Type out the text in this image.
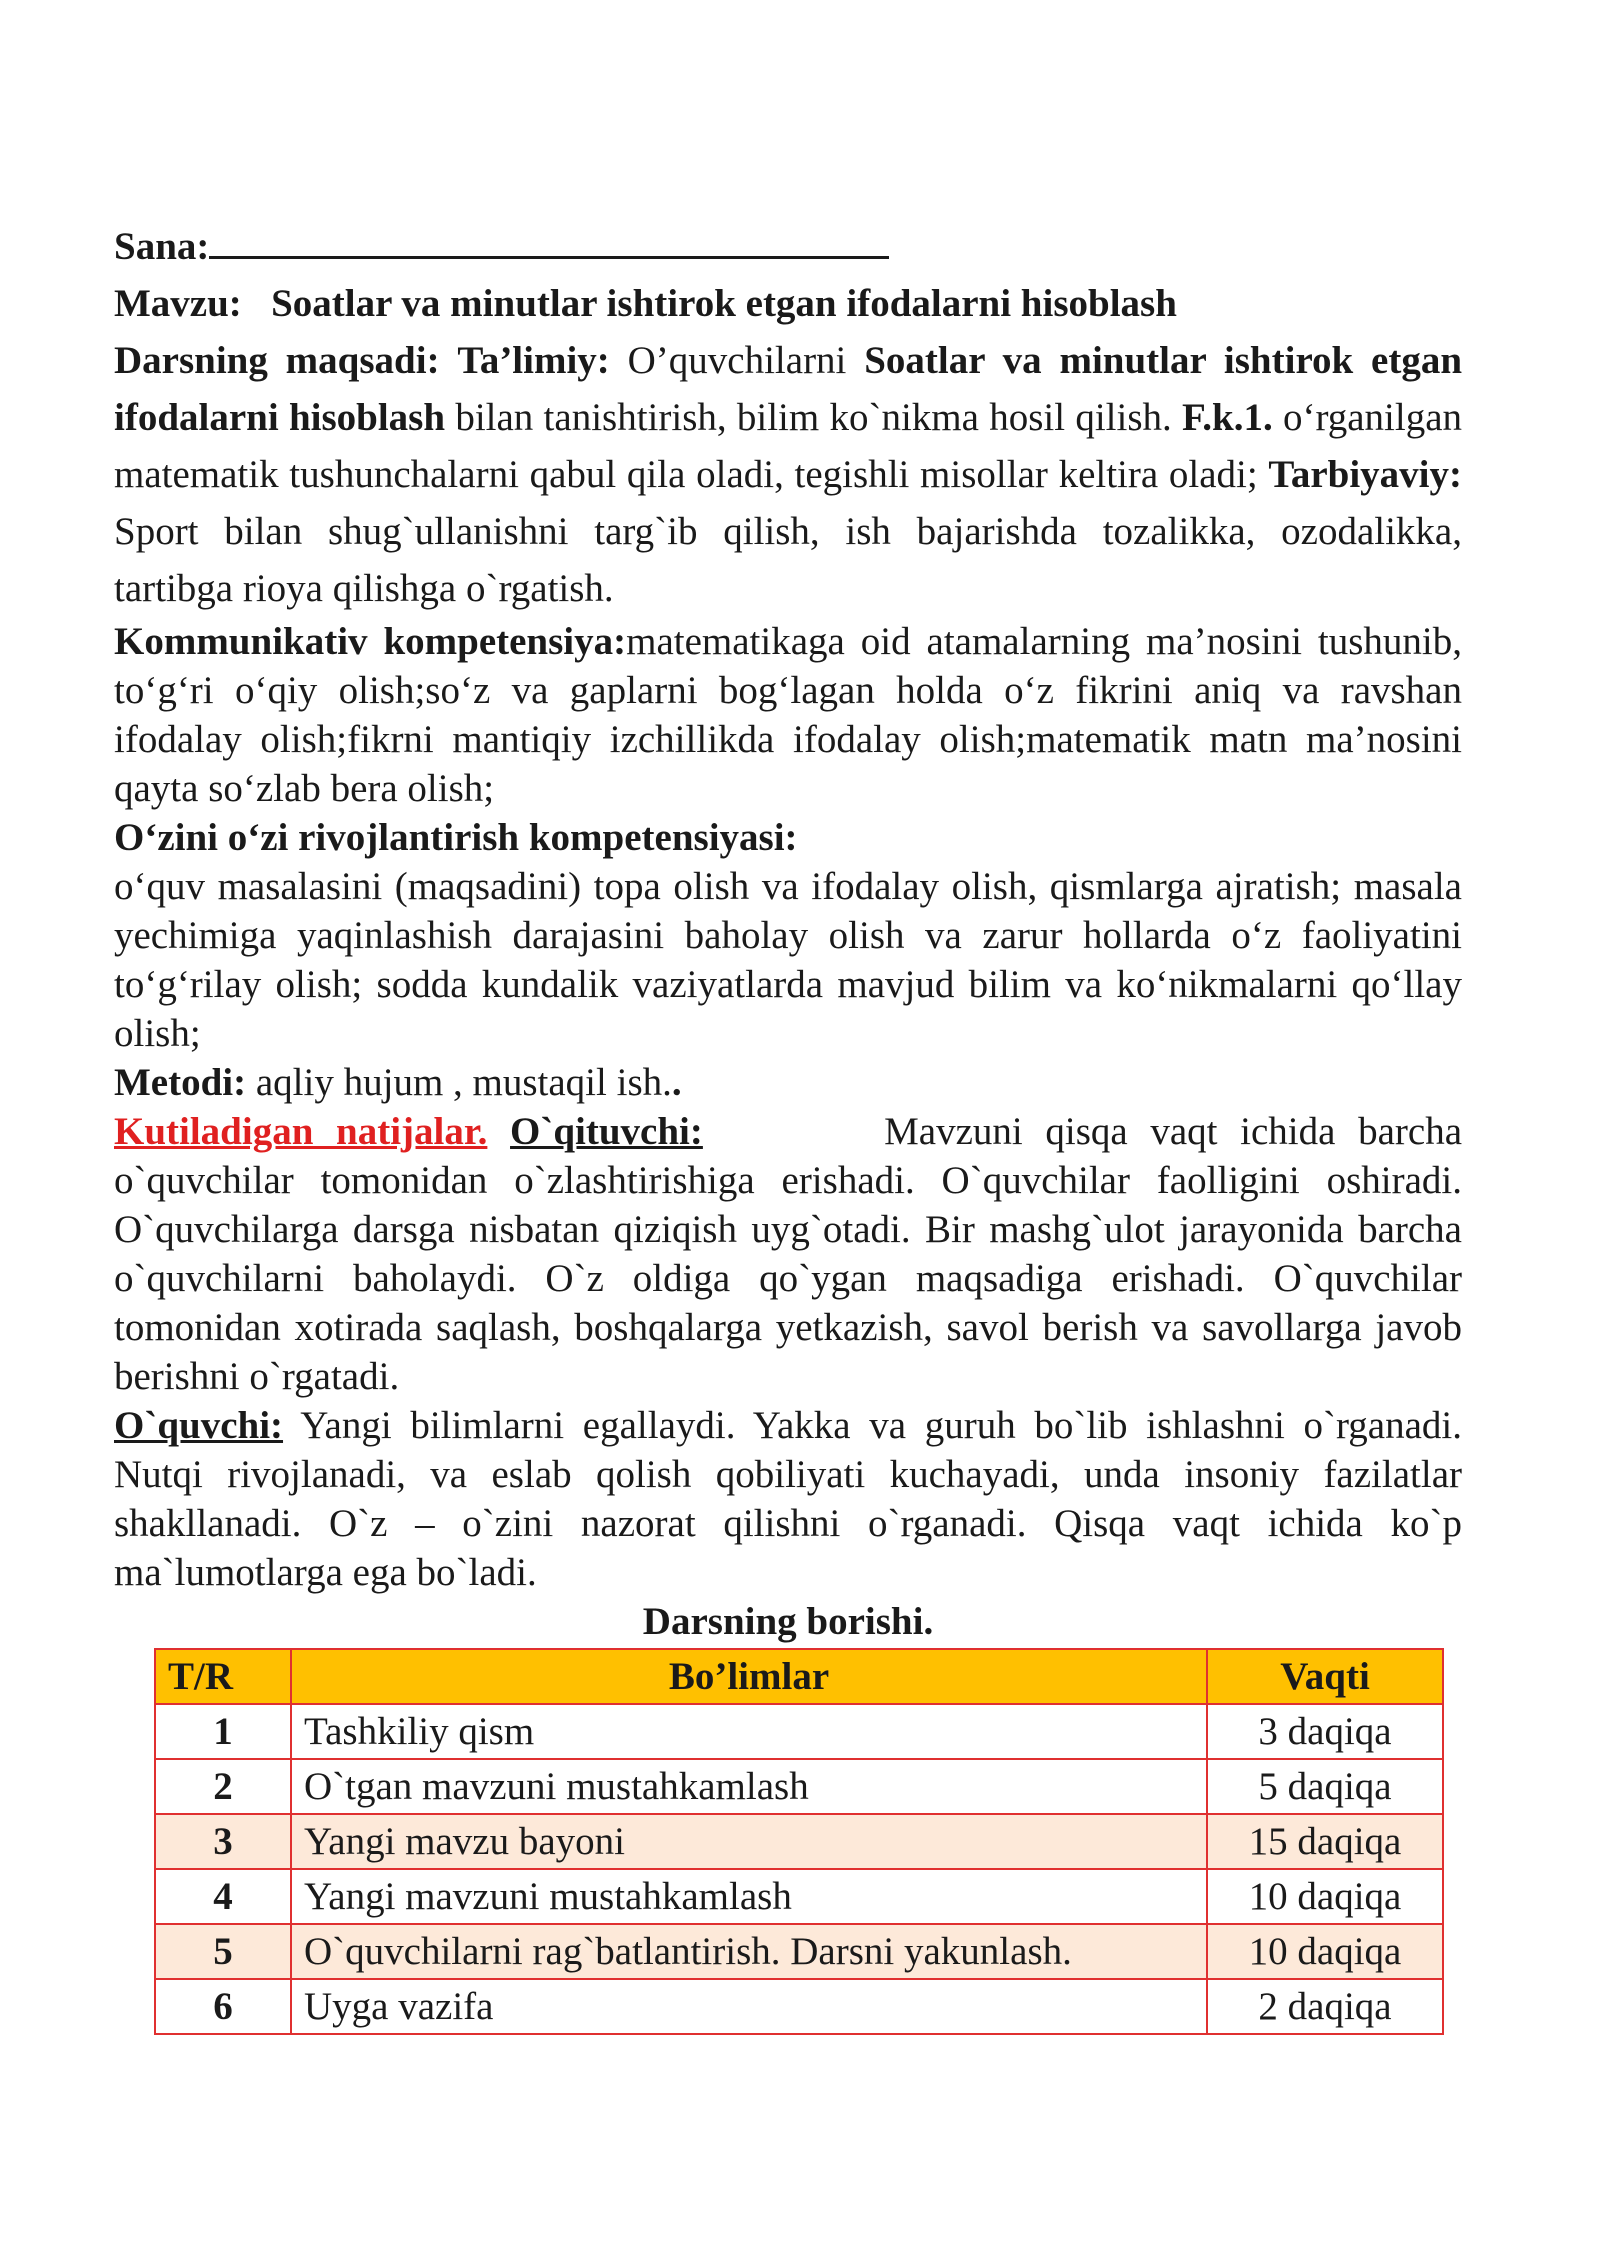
Sana:

Mavzu: Soatlar va minutlar ishtirok etgan ifodalarni hisoblash

Darsning maqsadi: Ta’limiy: O’quvchilarni Soatlar va minutlar ishtirok etgan ifodalarni hisoblash bilan tanishtirish, bilim ko`nikma hosil qilish. F.k.1. o‘rganilgan matematik tushunchalarni qabul qila oladi, tegishli misollar keltira oladi; Tarbiyaviy: Sport bilan shug`ullanishni targ`ib qilish, ish bajarishda tozalikka, ozodalikka, tartibga rioya qilishga o`rgatish.

Kommunikativ kompetensiya:matematikaga oid atamalarning ma’nosini tushunib, to‘g‘ri o‘qiy olish;so‘z va gaplarni bog‘lagan holda o‘z fikrini aniq va ravshan ifodalay olish;fikrni mantiqiy izchillikda ifodalay olish;matematik matn ma’nosini qayta so‘zlab bera olish;

O‘zini o‘zi rivojlantirish kompetensiyasi:

o‘quv masalasini (maqsadini) topa olish va ifodalay olish, qismlarga ajratish; masala yechimiga yaqinlashish darajasini baholay olish va zarur hollarda o‘z faoliyatini to‘g‘rilay olish; sodda kundalik vaziyatlarda mavjud bilim va ko‘nikmalarni qo‘llay olish;

Metodi: aqliy hujum , mustaqil ish..

Kutiladigan natijalar. O`qituvchi:	Mavzuni qisqa vaqt ichida barcha o`quvchilar tomonidan o`zlashtirishiga erishadi. O`quvchilar faolligini oshiradi. O`quvchilarga darsga nisbatan qiziqish uyg`otadi. Bir mashg`ulot jarayonida barcha o`quvchilarni baholaydi. O`z oldiga qo`ygan maqsadiga erishadi. O`quvchilar tomonidan xotirada saqlash, boshqalarga yetkazish, savol berish va savollarga javob berishni o`rgatadi.

O`quvchi: Yangi bilimlarni egallaydi. Yakka va guruh bo`lib ishlashni o`rganadi. Nutqi rivojlanadi, va eslab qolish qobiliyati kuchayadi, unda insoniy fazilatlar shakllanadi. O`z – o`zini nazorat qilishni o`rganadi. Qisqa vaqt ichida ko`p ma`lumotlarga ega bo`ladi.

Darsning borishi.

T/R	Bo’limlar	Vaqti
1	Tashkiliy qism	3 daqiqa
2	O`tgan mavzuni mustahkamlash	5 daqiqa
3	Yangi mavzu bayoni	15 daqiqa
4	Yangi mavzuni mustahkamlash	10 daqiqa
5	O`quvchilarni rag`batlantirish. Darsni yakunlash.	10 daqiqa
6	Uyga vazifa	2 daqiqa
